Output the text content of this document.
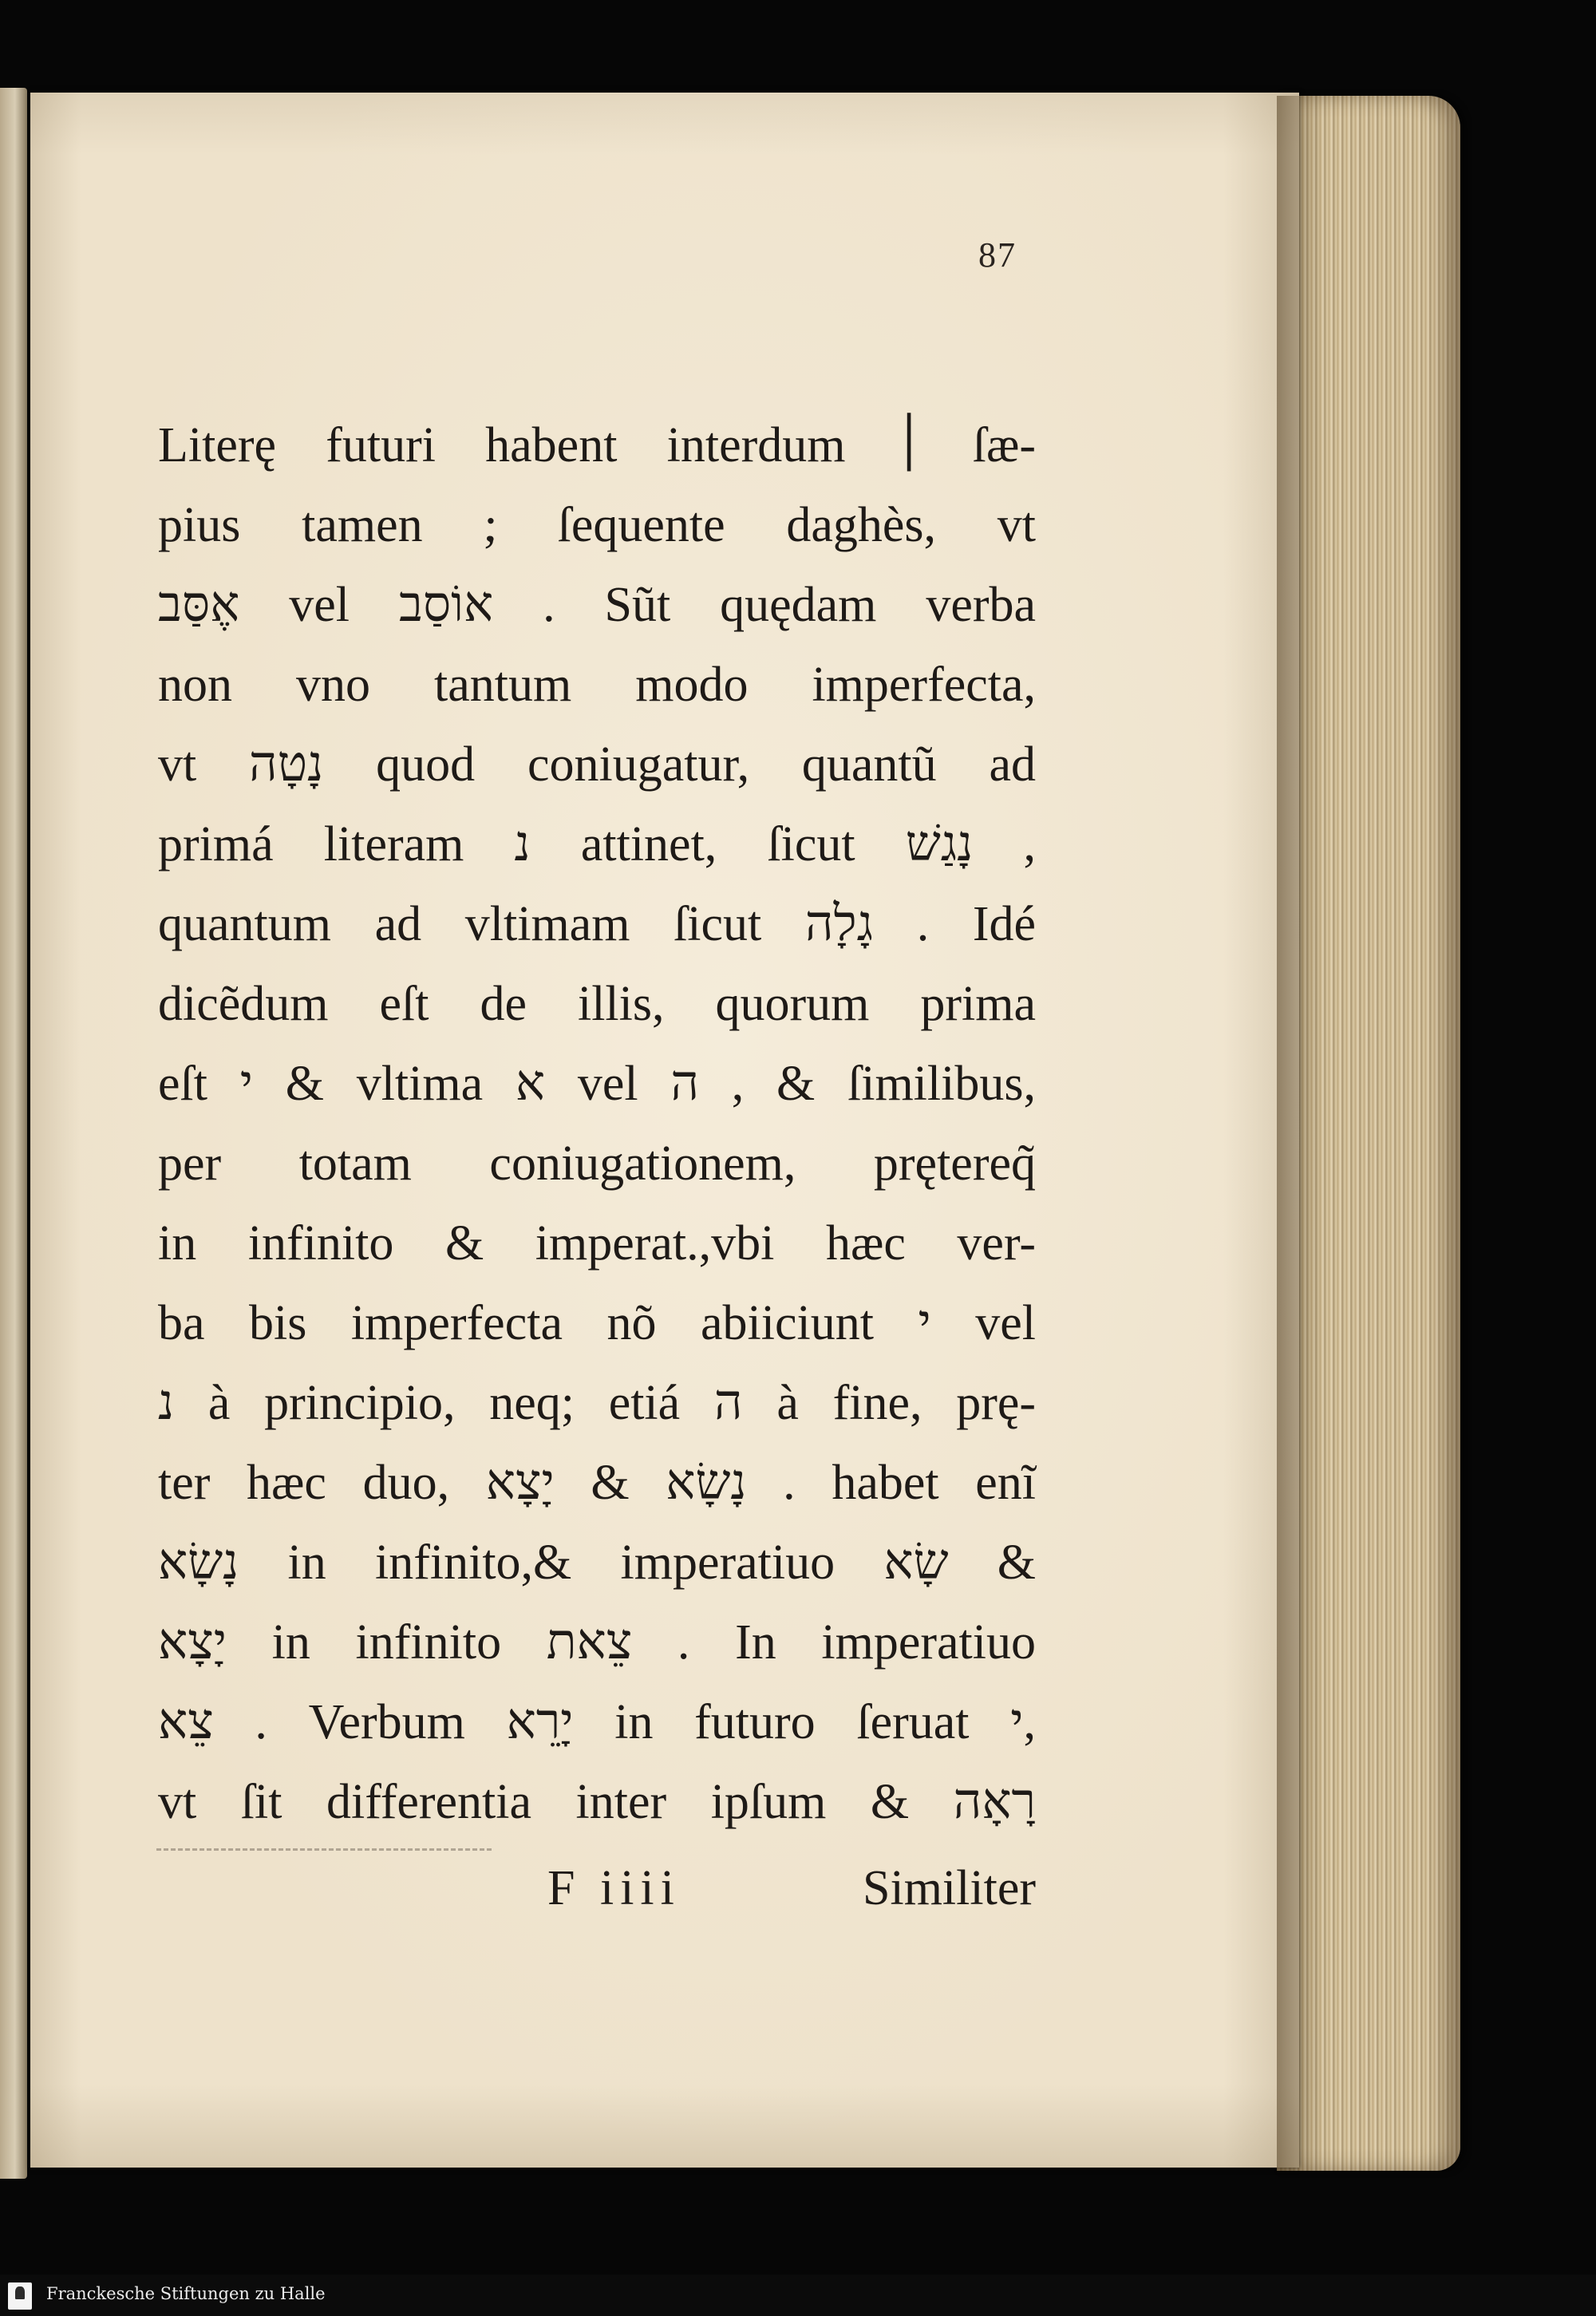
87
Literę futuri habent interdum ׀ ſæ-
pius tamen ׃, ſequente daghès, vt
אֶסַּב vel אוֹסַב . Sũt quędam verba
non vno tantum modo imperfecta,
vt נָטָה quod coniugatur, quantũ ad
primá literam נ attinet, ſicut נָגַשׁ ,
quantum ad vltimam ſicut גָלָה . Idé
dicẽdum eſt de illis, quorum prima
eſt י & vltima א vel ה , & ſimilibus,
per totam coniugationem, prętereq̃
in infinito & imperat.,vbi hæc ver-
ba bis imperfecta nõ abiiciunt י vel
נ à principio, neq; etiá ה à fine, prę-
ter hæc duo, נָשָׂא & יָצָא . habet enĩ
נָשָׂא in infinito,& imperatiuo שָׂא &
יָצָא in infinito צֵאת . In imperatiuo
צֵא . Verbum יָרֵא in futuro ſeruat י,
vt ſit differentia inter ipſum & רָאָה
F iiii	Similiter
Franckesche Stiftungen zu Halle
